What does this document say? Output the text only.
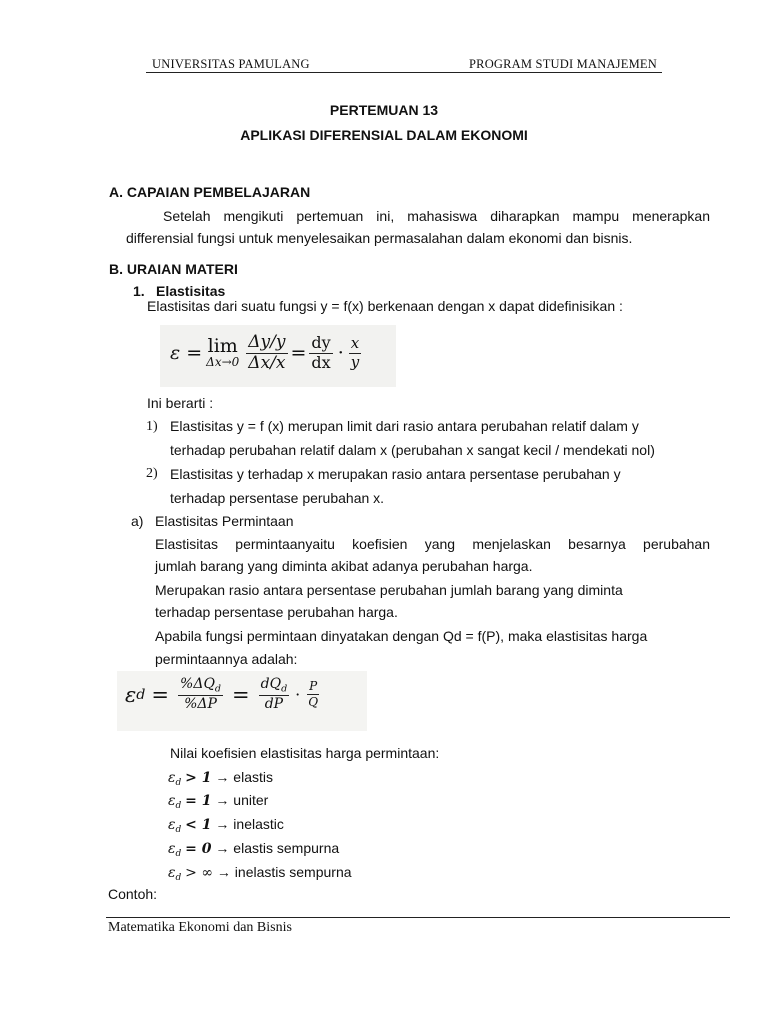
UNIVERSITAS PAMULANG	PROGRAM STUDI MANAJEMEN
PERTEMUAN 13
APLIKASI DIFERENSIAL DALAM EKONOMI
A. CAPAIAN PEMBELAJARAN
Setelah mengikuti pertemuan ini, mahasiswa diharapkan mampu menerapkan
differensial fungsi untuk menyelesaikan permasalahan dalam ekonomi dan bisnis.
B. URAIAN MATERI
1. Elastisitas
Elastisitas dari suatu fungsi y = f(x) berkenaan dengan x dapat didefinisikan :
ε = lim
$\Delta x\to 0 \frac{\Delta y/y}{\Delta x/x} = \frac{dy}{dx} \cdot \frac{x}{y}$
Ini berarti :
1) Elastisitas y = f (x) merupan limit dari rasio antara perubahan relatif dalam y
terhadap perubahan relatif dalam x (perubahan x sangat kecil / mendekati nol)
2) Elastisitas y terhadap x merupakan rasio antara persentase perubahan y
terhadap persentase perubahan x.
a) Elastisitas Permintaan
Elastisitas permintaanyaitu koefisien yang menjelaskan besarnya perubahan
jumlah barang yang diminta akibat adanya perubahan harga.
Merupakan rasio antara persentase perubahan jumlah barang yang diminta
terhadap persentase perubahan harga.
Apabila fungsi permintaan dinyatakan dengan Qd = f(P), maka elastisitas harga
permintaannya adalah:
ε $d = \frac{\%\Delta Q_d}{\%\Delta P} = \frac{dQ_d}{dP} \cdot \frac{P}{Q}$
Nilai koefisien elastisitas harga permintaan:
$\varepsilon_d > 1$ → elastis
$\varepsilon_d = 1$ → uniter
$\varepsilon_d < 1$ → inelastic
$\varepsilon_d = 0$ → elastis sempurna
$\varepsilon_d$ > ∞ → inelastis sempurna
Contoh:
Matematika Ekonomi dan Bisnis
